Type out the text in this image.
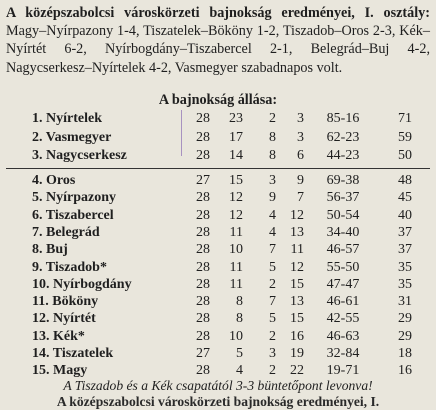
A középszabolcsi városkörzeti bajnokság eredményei, I. osztály: Magy–Nyírpazony 1-4, Tiszatelek–Bököny 1-2, Tiszadob–Oros 2-3, Kék–Nyírtét 6-2, Nyírbogdány–Tiszabercel 2-1, Belegrád–Buj 4-2, Nagycserkesz–Nyírtelek 4-2, Vasmegyer szabadnapos volt.
A bajnokság állása:
1. Nyírtelek	28	23	2	3	85-16	71
2. Vasmegyer	28	17	8	3	62-23	59
3. Nagycserkesz	28	14	8	6	44-23	50
4. Oros	27	15	3	9	69-38	48
5. Nyírpazony	28	12	9	7	56-37	45
6. Tiszabercel	28	12	4	12	50-54	40
7. Belegrád	28	11	4	13	34-40	37
8. Buj	28	10	7	11	46-57	37
9. Tiszadob*	28	11	5	12	55-50	35
10. Nyírbogdány	28	11	2	15	47-47	35
11. Bököny	28	8	7	13	46-61	31
12. Nyírtét	28	8	5	15	42-55	29
13. Kék*	28	10	2	16	46-63	29
14. Tiszatelek	27	5	3	19	32-84	18
15. Magy	28	4	2	22	19-71	16
A Tiszadob és a Kék csapatától 3-3 büntetőpont levonva!
A középszabolcsi városkörzeti bajnokság eredményei, I.
